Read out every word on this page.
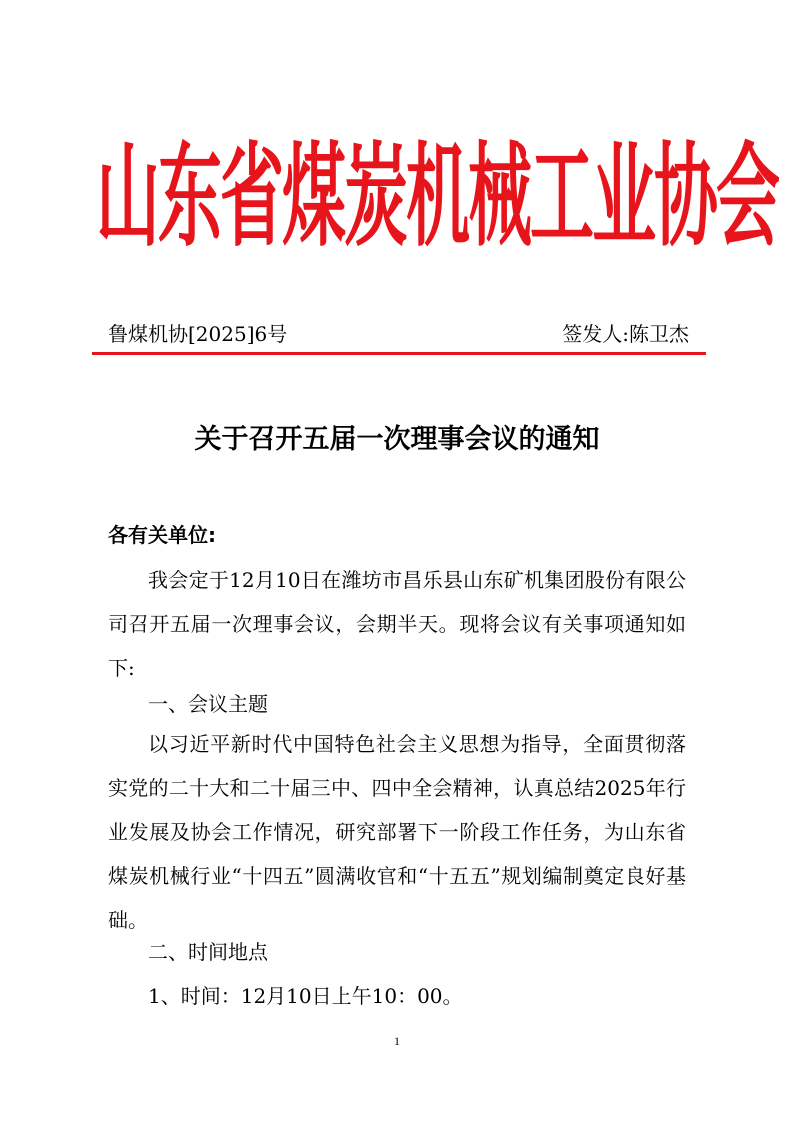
山东省煤炭机械工业协会
鲁煤机协[2025]6号	签发人:陈卫杰
关于召开五届一次理事会议的通知
各有关单位:

我会定于12月10日在潍坊市昌乐县山东矿机集团股份有限公司召开五届一次理事会议，会期半天。现将会议有关事项通知如下:

一、会议主题

以习近平新时代中国特色社会主义思想为指导，全面贯彻落实党的二十大和二十届三中、四中全会精神，认真总结2025年行业发展及协会工作情况，研究部署下一阶段工作任务，为山东省煤炭机械行业“十四五”圆满收官和“十五五”规划编制奠定良好基础。

二、时间地点
1、时间：12月10日上午10：00。
1
